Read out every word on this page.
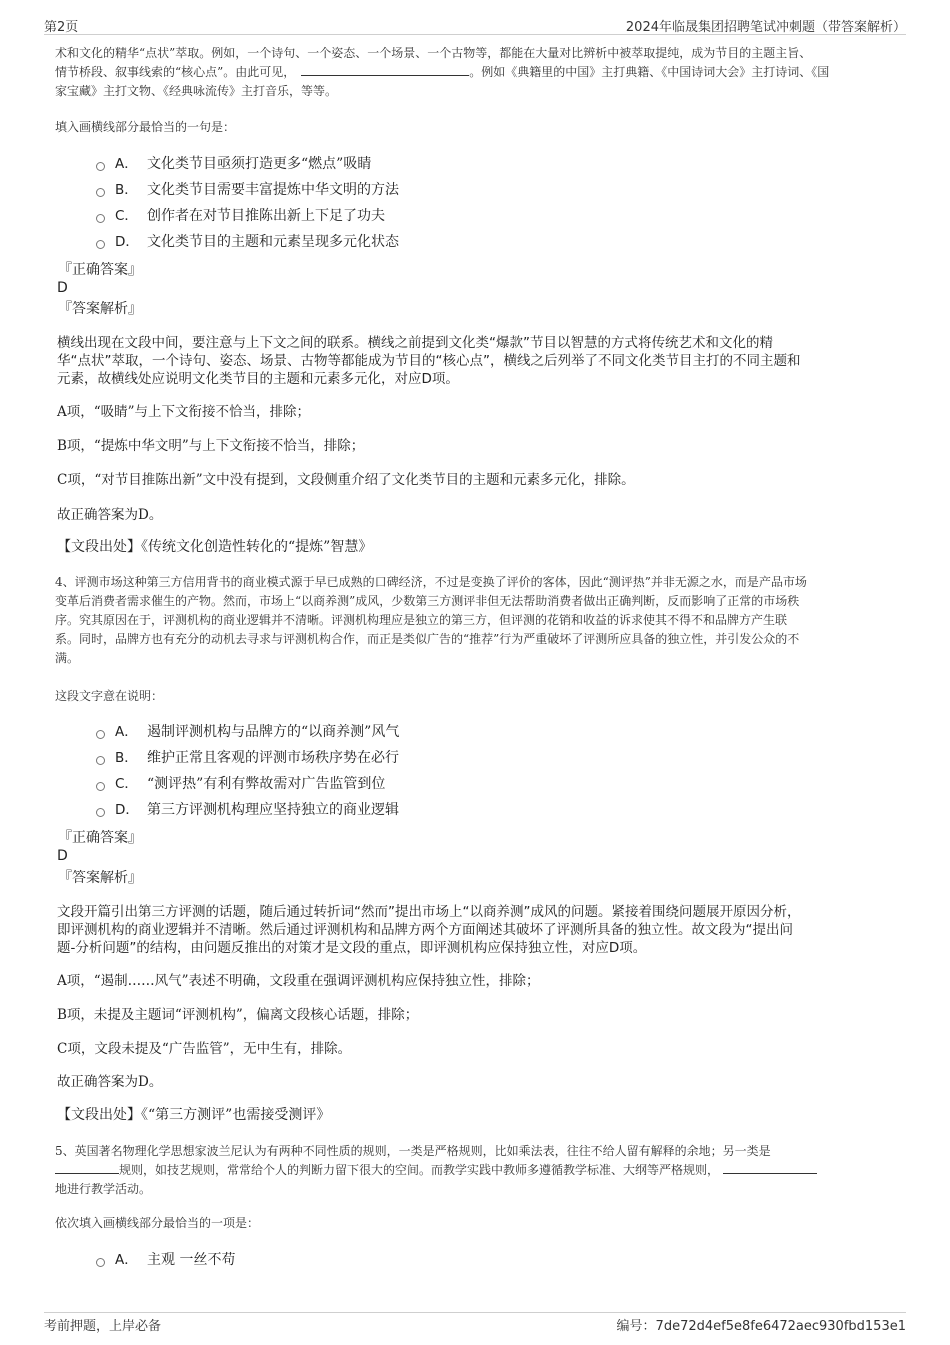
第2页	2024年临晟集团招聘笔试冲刺题（带答案解析）

术和文化的精华“点状”萃取。例如，一个诗句、一个姿态、一个场景、一个古物等，都能在大量对比辨析中被萃取提纯，成为节目的主题主旨、

情节桥段、叙事线索的“核心点”。由此可见，	。例如《典籍里的中国》主打典籍、《中国诗词大会》主打诗词、《国

家宝藏》主打文物、《经典咏流传》主打音乐，等等。

填入画横线部分最恰当的一句是：
A． 文化类节目亟须打造更多“燃点”吸睛
B． 文化类节目需要丰富提炼中华文明的方法
C． 创作者在对节目推陈出新上下足了功夫
D． 文化类节目的主题和元素呈现多元化状态
『正确答案』
D
『答案解析』

横线出现在文段中间，要注意与上下文之间的联系。横线之前提到文化类“爆款”节目以智慧的方式将传统艺术和文化的精

华“点状”萃取，一个诗句、姿态、场景、古物等都能成为节目的“核心点”，横线之后列举了不同文化类节目主打的不同主题和

元素，故横线处应说明文化类节目的主题和元素多元化，对应D项。

A项，“吸睛”与上下文衔接不恰当，排除；
B项，“提炼中华文明”与上下文衔接不恰当，排除；
C项，“对节目推陈出新”文中没有提到，文段侧重介绍了文化类节目的主题和元素多元化，排除。
故正确答案为D。
【文段出处】《传统文化创造性转化的“提炼”智慧》

4、评测市场这种第三方信用背书的商业模式源于早已成熟的口碑经济，不过是变换了评价的客体，因此“测评热”并非无源之水，而是产品市场

变革后消费者需求催生的产物。然而，市场上“以商养测”成风，少数第三方测评非但无法帮助消费者做出正确判断，反而影响了正常的市场秩

序。究其原因在于，评测机构的商业逻辑并不清晰。评测机构理应是独立的第三方，但评测的花销和收益的诉求使其不得不和品牌方产生联

系。同时，品牌方也有充分的动机去寻求与评测机构合作，而正是类似广告的“推荐”行为严重破坏了评测所应具备的独立性，并引发公众的不

满。

这段文字意在说明：
A． 遏制评测机构与品牌方的“以商养测”风气
B． 维护正常且客观的评测市场秩序势在必行
C． “测评热”有利有弊故需对广告监管到位
D． 第三方评测机构理应坚持独立的商业逻辑
『正确答案』
D
『答案解析』

文段开篇引出第三方评测的话题，随后通过转折词“然而”提出市场上“以商养测”成风的问题。紧接着围绕问题展开原因分析，

即评测机构的商业逻辑并不清晰。然后通过评测机构和品牌方两个方面阐述其破坏了评测所具备的独立性。故文段为“提出问

题-分析问题”的结构，由问题反推出的对策才是文段的重点，即评测机构应保持独立性，对应D项。

A项，“遏制……风气”表述不明确，文段重在强调评测机构应保持独立性，排除；
B项，未提及主题词“评测机构”，偏离文段核心话题，排除；
C项，文段未提及“广告监管”，无中生有，排除。
故正确答案为D。
【文段出处】《“第三方测评”也需接受测评》

5、英国著名物理化学思想家波兰尼认为有两种不同性质的规则，一类是严格规则，比如乘法表，往往不给人留有解释的余地；另一类是

规则，如技艺规则，常常给个人的判断力留下很大的空间。而教学实践中教师多遵循教学标准、大纲等严格规则，

地进行教学活动。

依次填入画横线部分最恰当的一项是：
A． 主观 一丝不苟
考前押题，上岸必备	编号：7de72d4ef5e8fe6472aec930fbd153e1
